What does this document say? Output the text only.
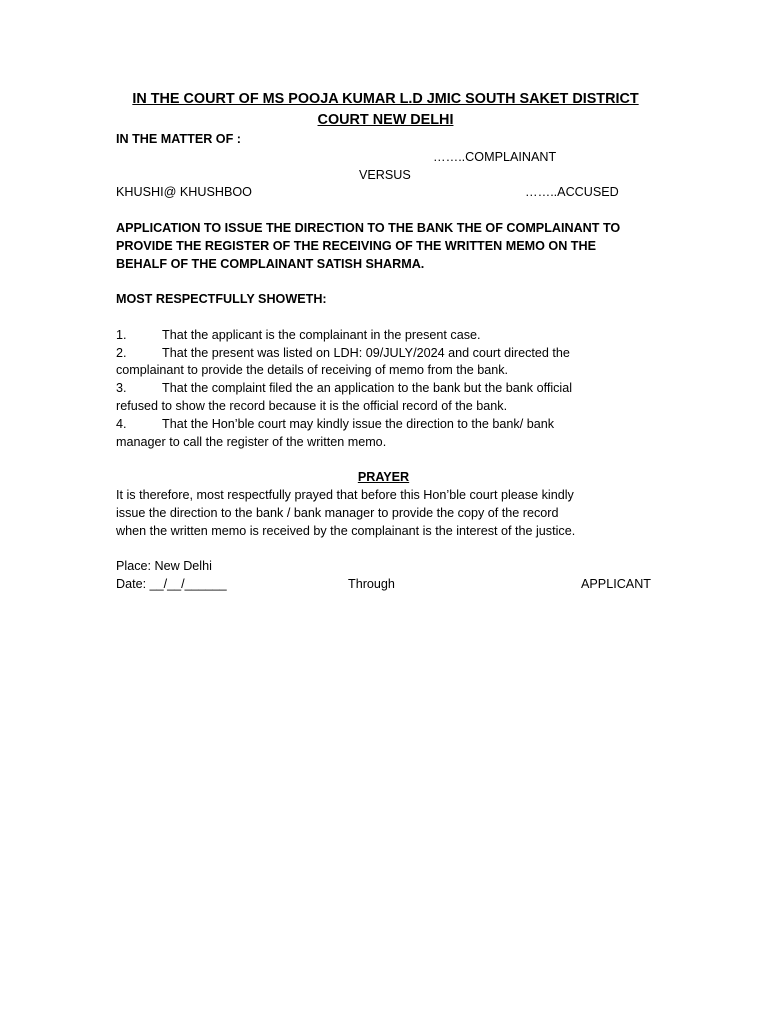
IN THE COURT OF MS POOJA KUMAR L.D JMIC SOUTH SAKET DISTRICT
COURT NEW DELHI

IN THE MATTER OF :
……..COMPLAINANT
VERSUS
KHUSHI@ KHUSHBOO	……..ACCUSED

APPLICATION TO ISSUE THE DIRECTION TO THE BANK THE OF COMPLAINANT TO
PROVIDE THE REGISTER OF THE RECEIVING OF THE WRITTEN MEMO ON THE
BEHALF OF THE COMPLAINANT SATISH SHARMA.

MOST RESPECTFULLY SHOWETH:

1.	That the applicant is the complainant in the present case.

2.	That the present was listed on LDH: 09/JULY/2024 and court directed the
complainant to provide the details of receiving of memo from the bank.

3.	That the complaint filed the an application to the bank but the bank official
refused to show the record because it is the official record of the bank.

4.	That the Hon’ble court may kindly issue the direction to the bank/ bank
manager to call the register of the written memo.

PRAYER

It is therefore, most respectfully prayed that before this Hon’ble court please kindly
issue the direction to the bank / bank manager to provide the copy of the record
when the written memo is received by the complainant is the interest of the justice.

Place: New Delhi
Date: __/__/______	Through	APPLICANT
